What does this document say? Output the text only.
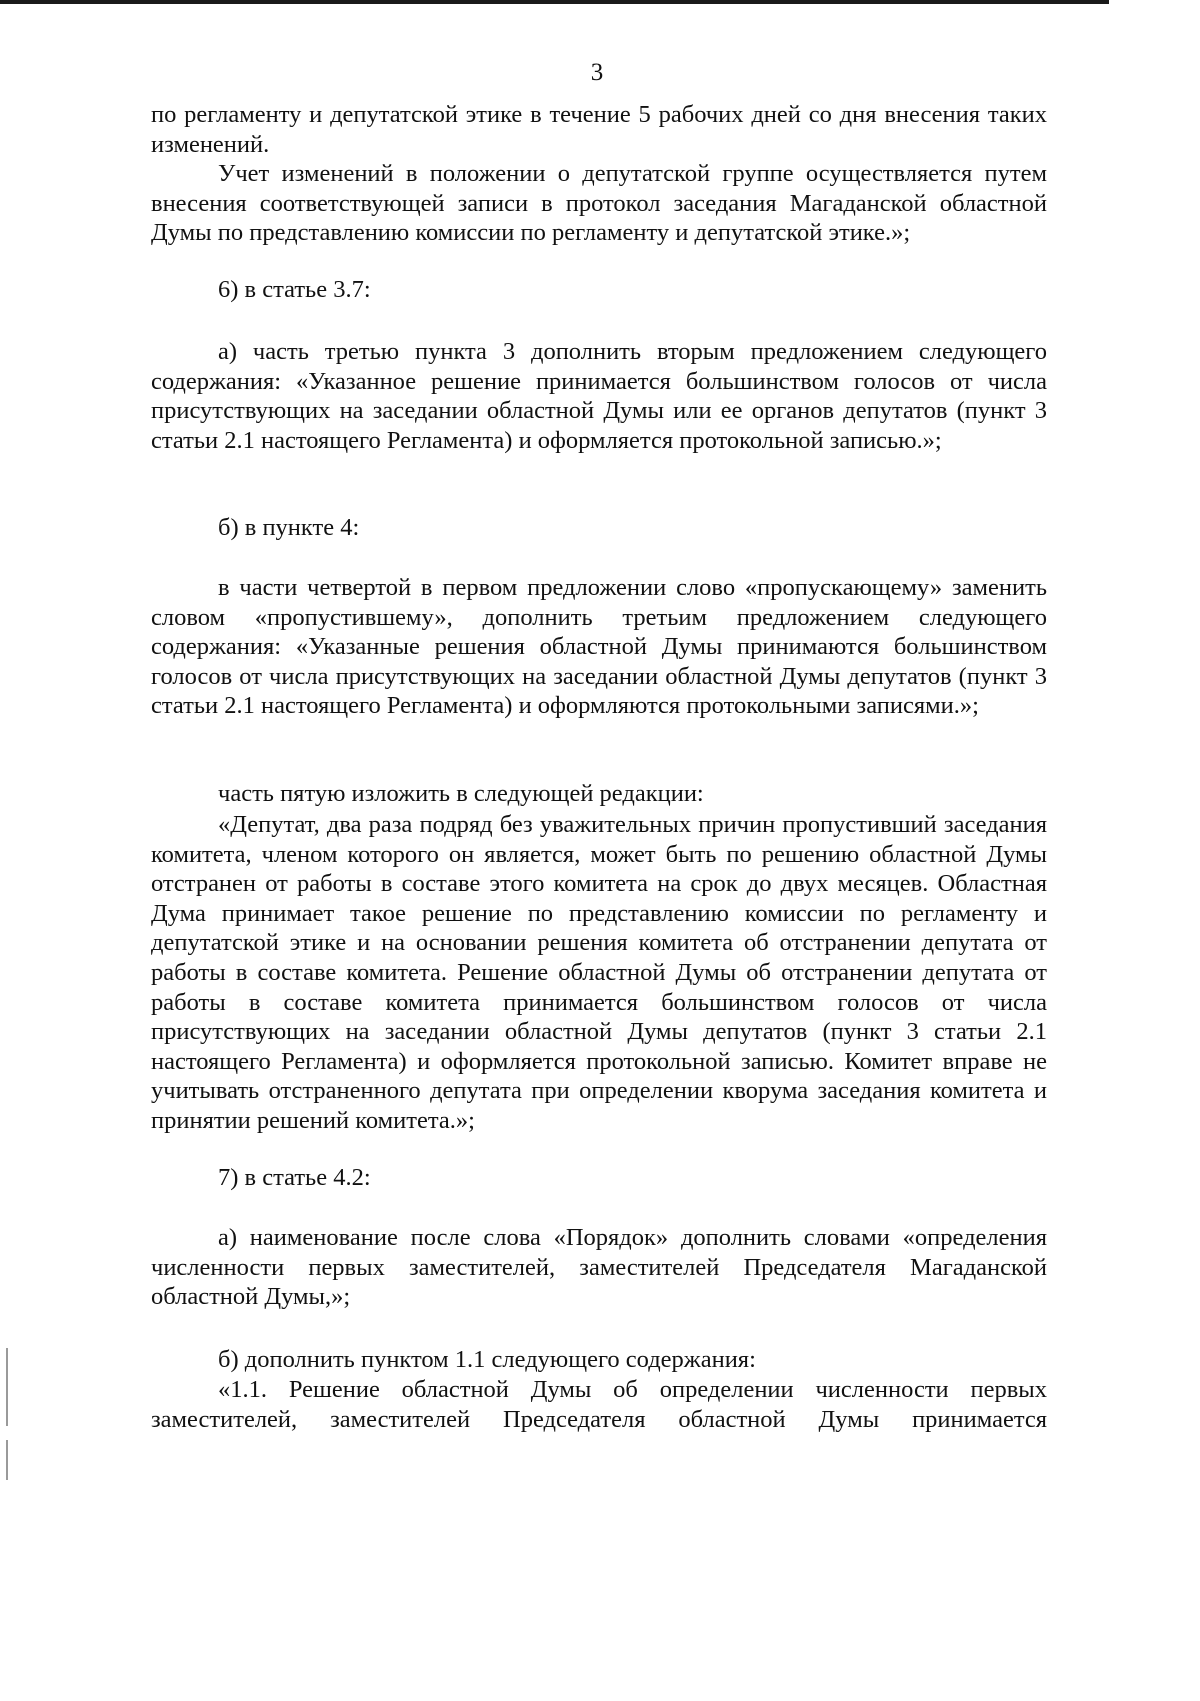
3

по регламенту и депутатской этике в течение 5 рабочих дней со дня внесения таких изменений.

Учет изменений в положении о депутатской группе осуществляется путем внесения соответствующей записи в протокол заседания Магаданской областной Думы по представлению комиссии по регламенту и депутатской этике.»;

6) в статье 3.7:

а) часть третью пункта 3 дополнить вторым предложением следующего содержания: «Указанное решение принимается большинством голосов от числа присутствующих на заседании областной Думы или ее органов депутатов (пункт 3 статьи 2.1 настоящего Регламента) и оформляется протокольной записью.»;

б) в пункте 4:

в части четвертой в первом предложении слово «пропускающему» заменить словом «пропустившему», дополнить третьим предложением следующего содержания: «Указанные решения областной Думы принимаются большинством голосов от числа присутствующих на заседании областной Думы депутатов (пункт 3 статьи 2.1 настоящего Регламента) и оформляются протокольными записями.»;

часть пятую изложить в следующей редакции:

«Депутат, два раза подряд без уважительных причин пропустивший заседания комитета, членом которого он является, может быть по решению областной Думы отстранен от работы в составе этого комитета на срок до двух месяцев. Областная Дума принимает такое решение по представлению комиссии по регламенту и депутатской этике и на основании решения комитета об отстранении депутата от работы в составе комитета. Решение областной Думы об отстранении депутата от работы в составе комитета принимается большинством голосов от числа присутствующих на заседании областной Думы депутатов (пункт 3 статьи 2.1 настоящего Регламента) и оформляется протокольной записью. Комитет вправе не учитывать отстраненного депутата при определении кворума заседания комитета и принятии решений комитета.»;

7) в статье 4.2:

а) наименование после слова «Порядок» дополнить словами «определения численности первых заместителей, заместителей Председателя Магаданской областной Думы,»;

б) дополнить пунктом 1.1 следующего содержания:

«1.1. Решение областной Думы об определении численности первых заместителей, заместителей Председателя областной Думы принимается
